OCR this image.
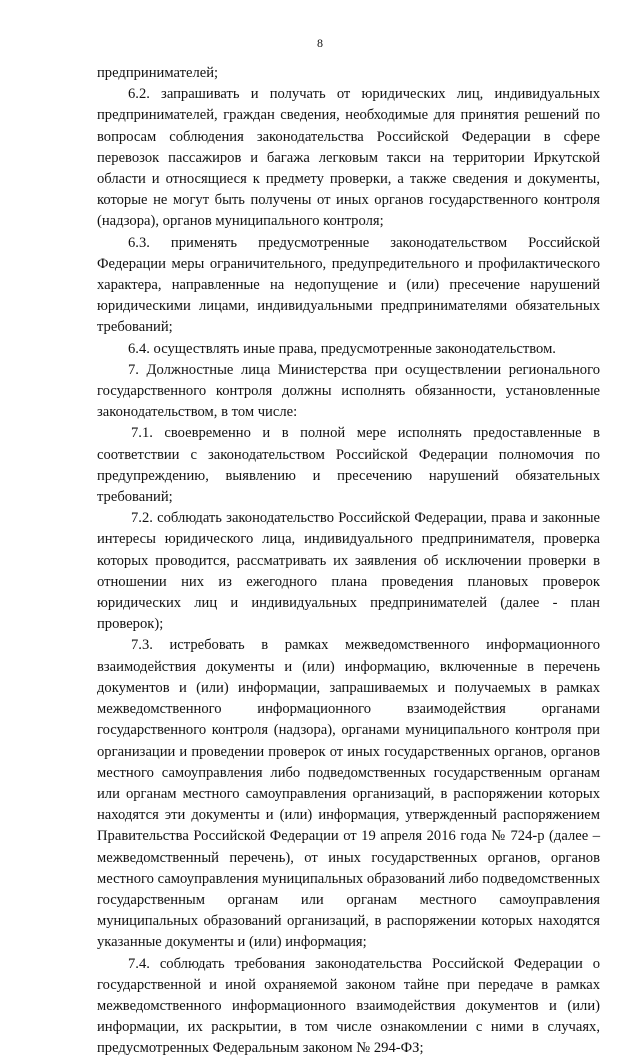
8

предпринимателей;

6.2. запрашивать и получать от юридических лиц, индивидуальных предпринимателей, граждан сведения, необходимые для принятия решений по вопросам соблюдения законодательства Российской Федерации в сфере перевозок пассажиров и багажа легковым такси на территории Иркутской области и относящиеся к предмету проверки, а также сведения и документы, которые не могут быть получены от иных органов государственного контроля (надзора), органов муниципального контроля;

6.3. применять предусмотренные законодательством Российской Федерации меры ограничительного, предупредительного и профилактического характера, направленные на недопущение и (или) пресечение нарушений юридическими лицами, индивидуальными предпринимателями обязательных требований;

6.4. осуществлять иные права, предусмотренные законодательством.

7. Должностные лица Министерства при осуществлении регионального государственного контроля должны исполнять обязанности, установленные законодательством, в том числе:

7.1. своевременно и в полной мере исполнять предоставленные в соответствии с законодательством Российской Федерации полномочия по предупреждению, выявлению и пресечению нарушений обязательных требований;

7.2. соблюдать законодательство Российской Федерации, права и законные интересы юридического лица, индивидуального предпринимателя, проверка которых проводится, рассматривать их заявления об исключении проверки в отношении них из ежегодного плана проведения плановых проверок юридических лиц и индивидуальных предпринимателей (далее - план проверок);

7.3. истребовать в рамках межведомственного информационного взаимодействия документы и (или) информацию, включенные в перечень документов и (или) информации, запрашиваемых и получаемых в рамках межведомственного информационного взаимодействия органами государственного контроля (надзора), органами муниципального контроля при организации и проведении проверок от иных государственных органов, органов местного самоуправления либо подведомственных государственным органам или органам местного самоуправления организаций, в распоряжении которых находятся эти документы и (или) информация, утвержденный распоряжением Правительства Российской Федерации от 19 апреля 2016 года № 724-р (далее – межведомственный перечень), от иных государственных органов, органов местного самоуправления муниципальных образований либо подведомственных государственным органам или органам местного самоуправления муниципальных образований организаций, в распоряжении которых находятся указанные документы и (или) информация;

7.4. соблюдать требования законодательства Российской Федерации о государственной и иной охраняемой законом тайне при передаче в рамках межведомственного информационного взаимодействия документов и (или) информации, их раскрытии, в том числе ознакомлении с ними в случаях, предусмотренных Федеральным законом № 294-ФЗ;
